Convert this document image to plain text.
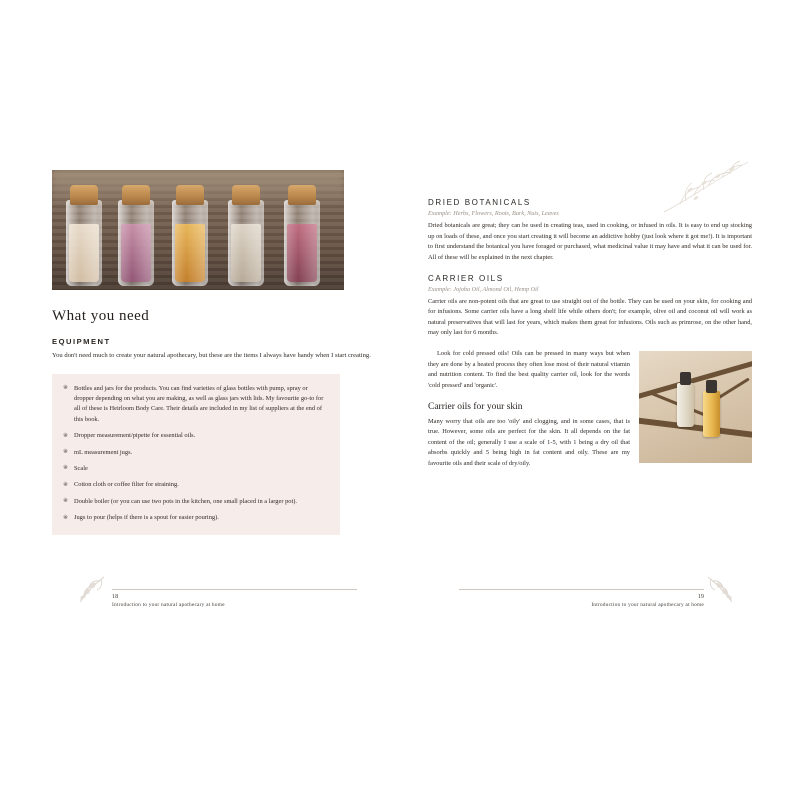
What you need
EQUIPMENT

You don't need much to create your natural apothecary, but these are the items I always have handy when I start creating.

❀ Bottles and jars for the products. You can find varieties of glass bottles with pump, spray or dropper depending on what you are making, as well as glass jars with lids. My favourite go-to for all of these is Heirloom Body Care. Their details are included in my list of suppliers at the end of this book.
❀ Dropper measurement/pipette for essential oils.
❀ mL measurement jugs.
❀ Scale
❀ Cotton cloth or coffee filter for straining.
❀ Double boiler (or you can use two pots in the kitchen, one small placed in a larger pot).
❀ Jugs to pour (helps if there is a spout for easier pouring).
18
Introduction to your natural apothecary at home
DRIED BOTANICALS

Example: Herbs, Flowers, Roots, Bark, Nuts, Leaves

Dried botanicals are great; they can be used in creating teas, used in cooking, or infused in oils. It is easy to end up stocking up on loads of these, and once you start creating it will become an addictive hobby (just look where it got me!). It is important to first understand the botanical you have foraged or purchased, what medicinal value it may have and what it can be used for. All of these will be explained in the next chapter.

CARRIER OILS

Example: Jojoba Oil, Almond Oil, Hemp Oil

Carrier oils are non-potent oils that are great to use straight out of the bottle. They can be used on your skin, for cooking and for infusions. Some carrier oils have a long shelf life while others don't; for example, olive oil and coconut oil will work as natural preservatives that will last for years, which makes them great for infusions. Oils such as primrose, on the other hand, may only last for 6 months.

Look for cold pressed oils! Oils can be pressed in many ways but when they are done by a heated process they often lose most of their natural vitamin and nutrition content. To find the best quality carrier oil, look for the words 'cold pressed' and 'organic'.

Carrier oils for your skin

Many worry that oils are too 'oily' and clogging, and in some cases, that is true. However, some oils are perfect for the skin. It all depends on the fat content of the oil; generally I use a scale of 1-5, with 1 being a dry oil that absorbs quickly and 5 being high in fat content and oily. These are my favourite oils and their scale of dry/oily.

19
Introduction to your natural apothecary at home
